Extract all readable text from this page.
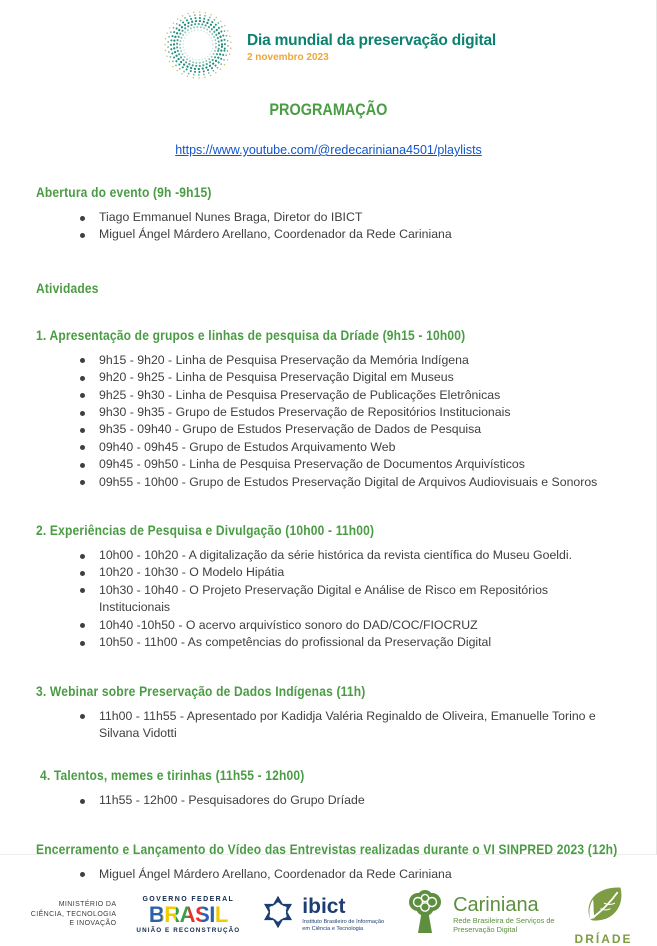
Dia mundial da preservação digital
2 novembro 2023
PROGRAMAÇÃO
https://www.youtube.com/@redecariniana4501/playlists
Abertura do evento (9h -9h15)
Tiago Emmanuel Nunes Braga, Diretor do IBICT
Miguel Ángel Márdero Arellano, Coordenador da Rede Cariniana
Atividades
1. Apresentação de grupos e linhas de pesquisa da Dríade (9h15 - 10h00)
9h15 - 9h20 - Linha de Pesquisa Preservação da Memória Indígena
9h20 - 9h25 - Linha de Pesquisa Preservação Digital em Museus
9h25 - 9h30 - Linha de Pesquisa Preservação de Publicações Eletrônicas
9h30 - 9h35 - Grupo de Estudos Preservação de Repositórios Institucionais
9h35 - 09h40 - Grupo de Estudos Preservação de Dados de Pesquisa
09h40 - 09h45 - Grupo de Estudos Arquivamento Web
09h45 - 09h50 - Linha de Pesquisa Preservação de Documentos Arquivísticos
09h55 - 10h00 - Grupo de Estudos Preservação Digital de Arquivos Audiovisuais e Sonoros
2. Experiências de Pesquisa e Divulgação (10h00 - 11h00)
10h00 - 10h20 - A digitalização da série histórica da revista científica do Museu Goeldi.
10h20 - 10h30 - O Modelo Hipátia
10h30 - 10h40 - O Projeto Preservação Digital e Análise de Risco em Repositórios Institucionais
10h40 -10h50 - O acervo arquivístico sonoro do DAD/COC/FIOCRUZ
10h50 - 11h00 - As competências do profissional da Preservação Digital
3. Webinar sobre Preservação de Dados Indígenas (11h)
11h00 - 11h55 - Apresentado por Kadidja Valéria Reginaldo de Oliveira, Emanuelle Torino e Silvana Vidotti
4. Talentos, memes e tirinhas (11h55 - 12h00)
11h55 - 12h00 - Pesquisadores do Grupo Dríade
Encerramento e Lançamento do Vídeo das Entrevistas realizadas durante o VI SINPRED 2023 (12h)
Miguel Ángel Márdero Arellano, Coordenador da Rede Cariniana
MINISTÉRIO DA
CIÊNCIA, TECNOLOGIA
E INOVAÇÃO
GOVERNO FEDERAL
BRASIL
UNIÃO E RECONSTRUÇÃO
ibict
Instituto Brasileiro de Informação
em Ciência e Tecnologia
Cariniana
Rede Brasileira de Serviços de
Preservação Digital
DRÍADE
